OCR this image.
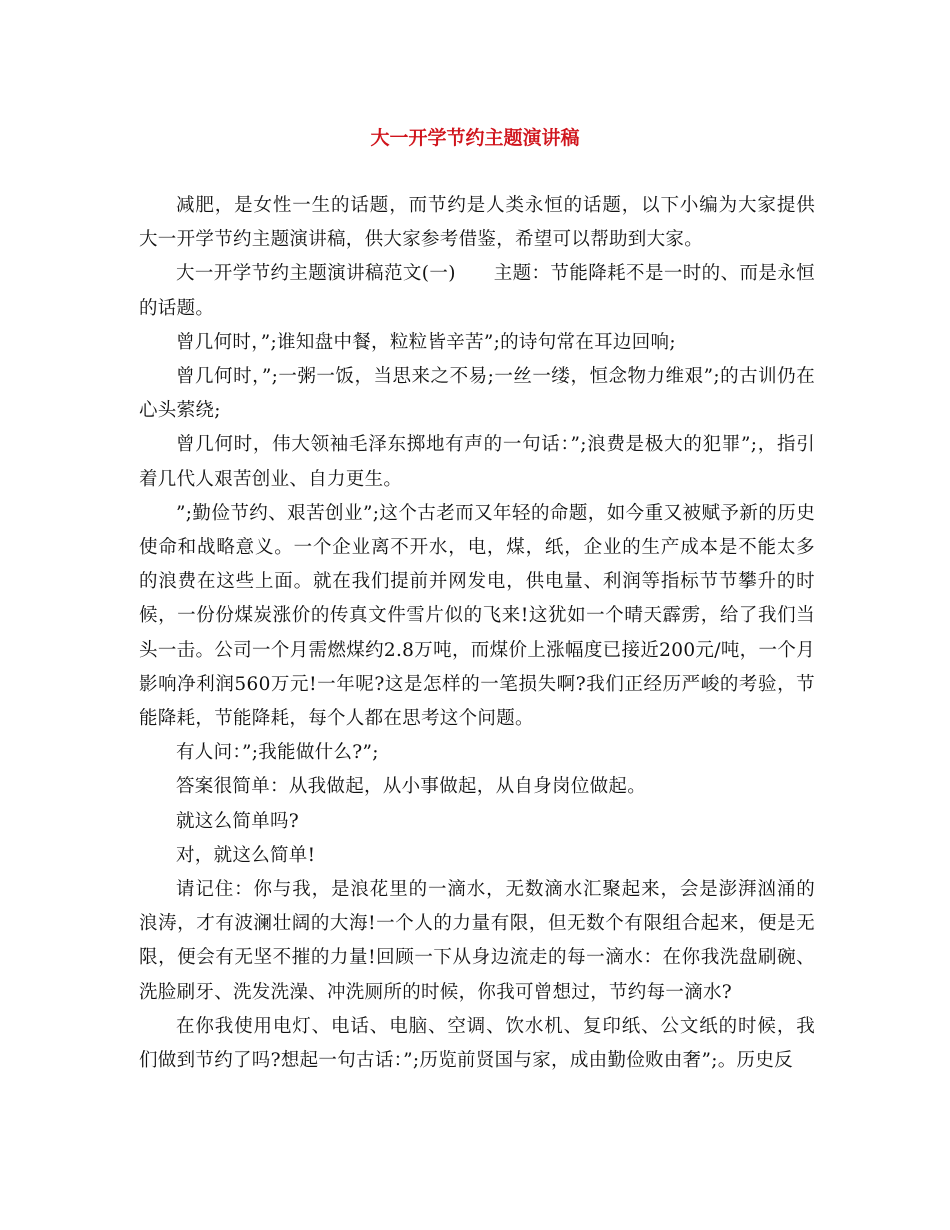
大一开学节约主题演讲稿

减肥，是女性一生的话题，而节约是人类永恒的话题，以下小编为大家提供大一开学节约主题演讲稿，供大家参考借鉴，希望可以帮助到大家。

大一开学节约主题演讲稿范文(一)　　主题：节能降耗不是一时的、而是永恒的话题。

曾几何时，”;谁知盘中餐，粒粒皆辛苦”;的诗句常在耳边回响;

曾几何时，”;一粥一饭，当思来之不易;一丝一缕，恒念物力维艰”;的古训仍在心头萦绕;

曾几何时，伟大领袖毛泽东掷地有声的一句话：”;浪费是极大的犯罪”;，指引着几代人艰苦创业、自力更生。

”;勤俭节约、艰苦创业”;这个古老而又年轻的命题，如今重又被赋予新的历史使命和战略意义。一个企业离不开水，电，煤，纸，企业的生产成本是不能太多的浪费在这些上面。就在我们提前并网发电，供电量、利润等指标节节攀升的时候，一份份煤炭涨价的传真文件雪片似的飞来!这犹如一个晴天霹雳，给了我们当头一击。公司一个月需燃煤约2.8万吨，而煤价上涨幅度已接近200元/吨，一个月影响净利润560万元!一年呢?这是怎样的一笔损失啊?我们正经历严峻的考验，节能降耗，节能降耗，每个人都在思考这个问题。

有人问：”;我能做什么?”;

答案很简单：从我做起，从小事做起，从自身岗位做起。

就这么简单吗?

对，就这么简单!

请记住：你与我，是浪花里的一滴水，无数滴水汇聚起来，会是澎湃汹涌的浪涛，才有波澜壮阔的大海!一个人的力量有限，但无数个有限组合起来，便是无限，便会有无坚不摧的力量!回顾一下从身边流走的每一滴水：在你我洗盘刷碗、洗脸刷牙、洗发洗澡、冲洗厕所的时候，你我可曾想过，节约每一滴水?

在你我使用电灯、电话、电脑、空调、饮水机、复印纸、公文纸的时候，我们做到节约了吗?想起一句古话：”;历览前贤国与家，成由勤俭败由奢”;。历史反
